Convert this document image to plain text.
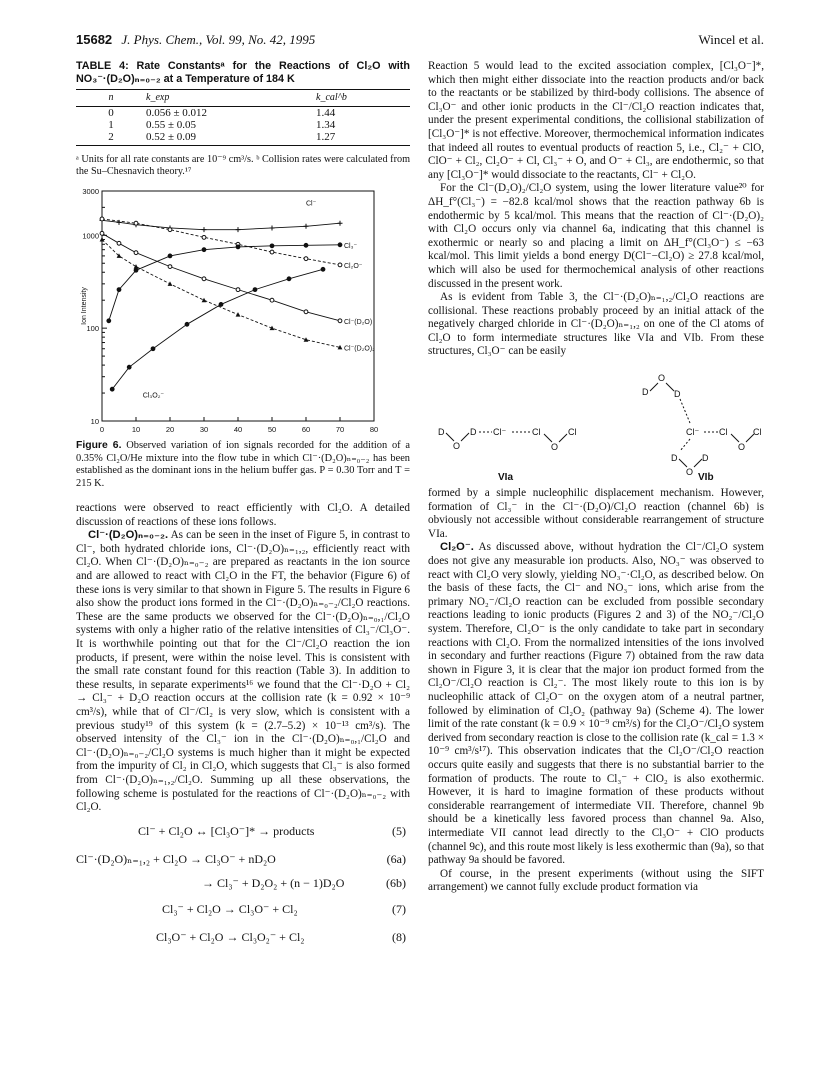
15682 J. Phys. Chem., Vol. 99, No. 42, 1995	Wincel et al.
TABLE 4: Rate Constantsᵃ for the Reactions of Cl₂O with NO₃⁻·(D₂O)ₙ₌₀₋₂ at a Temperature of 184 K
n	k_exp	k_cal^b
0	0.056 ± 0.012	1.44
1	0.55 ± 0.05	1.34
2	0.52 ± 0.09	1.27
ᵃ Units for all rate constants are 10⁻⁹ cm³/s. ᵇ Collision rates were calculated from the Su–Chesnavich theory.¹⁷
0	10	20	30	40	50	60	70	80
10
100
1000
3000
Ion Intensity
Cl⁻
Cl₂O⁻
Cl₃⁻
Cl⁻(D₂O)
Cl⁻(D₂O)₂
Cl₃O₂⁻
Figure 6. Observed variation of ion signals recorded for the addition of a 0.35% Cl₂O/He mixture into the flow tube in which Cl⁻·(D₂O)ₙ₌₀₋₂ has been established as the dominant ions in the helium buffer gas. P = 0.30 Torr and T = 215 K.

reactions were observed to react efficiently with Cl₂O. A detailed discussion of reactions of these ions follows.

Cl⁻·(D₂O)ₙ₌₀₋₂. As can be seen in the inset of Figure 5, in contrast to Cl⁻, both hydrated chloride ions, Cl⁻·(D₂O)ₙ₌₁,₂, efficiently react with Cl₂O. When Cl⁻·(D₂O)ₙ₌₀₋₂ are prepared as reactants in the ion source and are allowed to react with Cl₂O in the FT, the behavior (Figure 6) of these ions is very similar to that shown in Figure 5. The results in Figure 6 also show the product ions formed in the Cl⁻·(D₂O)ₙ₌₀₋₂/Cl₂O reactions. These are the same products we observed for the Cl⁻·(D₂O)ₙ₌₀,₁/Cl₂O systems with only a higher ratio of the relative intensities of Cl₃⁻/Cl₃O⁻. It is worthwhile pointing out that for the Cl⁻/Cl₂O reaction the ion products, if present, were within the noise level. This is consistent with the small rate constant found for this reaction (Table 3). In addition to these results, in separate experiments¹⁶ we found that the Cl⁻·D₂O + Cl₂ → Cl₃⁻ + D₂O reaction occurs at the collision rate (k = 0.92 × 10⁻⁹ cm³/s), while that of Cl⁻/Cl₂ is very slow, which is consistent with a previous study¹⁹ of this system (k = (2.7–5.2) × 10⁻¹³ cm³/s). The observed intensity of the Cl₃⁻ ion in the Cl⁻·(D₂O)ₙ₌₀,₁/Cl₂O and Cl⁻·(D₂O)ₙ₌₀₋₂/Cl₂O systems is much higher than it might be expected from the impurity of Cl₂ in Cl₂O, which suggests that Cl₃⁻ is also formed from Cl⁻·(D₂O)ₙ₌₁,₂/Cl₂O. Summing up all these observations, the following scheme is postulated for the reactions of Cl⁻·(D₂O)ₙ₌₀₋₂ with Cl₂O.

Cl⁻ + Cl₂O ↔ [Cl₃O⁻]* → products	(5)
Cl⁻·(D₂O)ₙ₌₁,₂ + Cl₂O → Cl₃O⁻ + nD₂O	(6a)
→ Cl₃⁻ + D₂O₂ + (n − 1)D₂O	(6b)
Cl₃⁻ + Cl₂O → Cl₃O⁻ + Cl₂	(7)
Cl₃O⁻ + Cl₂O → Cl₃O₂⁻ + Cl₂	(8)

Reaction 5 would lead to the excited association complex, [Cl₃O⁻]*, which then might either dissociate into the reaction products and/or back to the reactants or be stabilized by third-body collisions. The absence of Cl₃O⁻ and other ionic products in the Cl⁻/Cl₂O reaction indicates that, under the present experimental conditions, the collisional stabilization of [Cl₃O⁻]* is not effective. Moreover, thermochemical information indicates that indeed all routes to eventual products of reaction 5, i.e., Cl₂⁻ + ClO, ClO⁻ + Cl₂, Cl₂O⁻ + Cl, Cl₃⁻ + O, and O⁻ + Cl₃, are endothermic, so that any [Cl₃O⁻]* would dissociate to the reactants, Cl⁻ + Cl₂O.

For the Cl⁻(D₂O)₂/Cl₂O system, using the lower literature value²⁰ for ΔH_f°(Cl₃⁻) = −82.8 kcal/mol shows that the reaction pathway 6b is endothermic by 5 kcal/mol. This means that the reaction of Cl⁻·(D₂O)₂ with Cl₂O occurs only via channel 6a, indicating that this channel is exothermic or nearly so and placing a limit on ΔH_f°(Cl₃O⁻) ≤ −63 kcal/mol. This limit yields a bond energy D(Cl⁻−Cl₂O) ≥ 27.8 kcal/mol, which will also be used for thermochemical analysis of other reactions discussed in the present work.

As is evident from Table 3, the Cl⁻·(D₂O)ₙ₌₁,₂/Cl₂O reactions are collisional. These reactions probably proceed by an initial attack of the negatively charged chloride in Cl⁻·(D₂O)ₙ₌₁,₂ on one of the Cl atoms of Cl₂O to form intermediate structures like VIa and VIb. From these structures, Cl₃O⁻ can be easily

D
O
D Cl⁻	Cl
O
Cl
D
O
D
Cl⁻ Cl
O
Cl
D
O
D
VIa	VIb

formed by a simple nucleophilic displacement mechanism. However, formation of Cl₃⁻ in the Cl⁻·(D₂O)/Cl₂O reaction (channel 6b) is obviously not accessible without considerable rearrangement of structure VIa.

Cl₂O⁻. As discussed above, without hydration the Cl⁻/Cl₂O system does not give any measurable ion products. Also, NO₃⁻ was observed to react with Cl₂O very slowly, yielding NO₃⁻·Cl₂O, as described below. On the basis of these facts, the Cl⁻ and NO₃⁻ ions, which arise from the primary NO₂⁻/Cl₂O reaction can be excluded from possible secondary reactions leading to ionic products (Figures 2 and 3) of the NO₂⁻/Cl₂O system. Therefore, Cl₂O⁻ is the only candidate to take part in secondary reactions with Cl₂O. From the normalized intensities of the ions involved in secondary and further reactions (Figure 7) obtained from the raw data shown in Figure 3, it is clear that the major ion product formed from the Cl₂O⁻/Cl₂O reaction is Cl₂⁻. The most likely route to this ion is by nucleophilic attack of Cl₂O⁻ on the oxygen atom of a neutral partner, followed by elimination of Cl₂O₂ (pathway 9a) (Scheme 4). The lower limit of the rate constant (k = 0.9 × 10⁻⁹ cm³/s) for the Cl₂O⁻/Cl₂O system derived from secondary reaction is close to the collision rate (k_cal = 1.3 × 10⁻⁹ cm³/s¹⁷). This observation indicates that the Cl₂O⁻/Cl₂O reaction occurs quite easily and suggests that there is no substantial barrier to the formation of products. The route to Cl₃⁻ + ClO₂ is also exothermic. However, it is hard to imagine formation of these products without considerable rearrangement of intermediate VII. Therefore, channel 9b should be a kinetically less favored process than channel 9a. Also, intermediate VII cannot lead directly to the Cl₃O⁻ + ClO products (channel 9c), and this route most likely is less exothermic than (9a), so that pathway 9a should be favored.

Of course, in the present experiments (without using the SIFT arrangement) we cannot fully exclude product formation via
